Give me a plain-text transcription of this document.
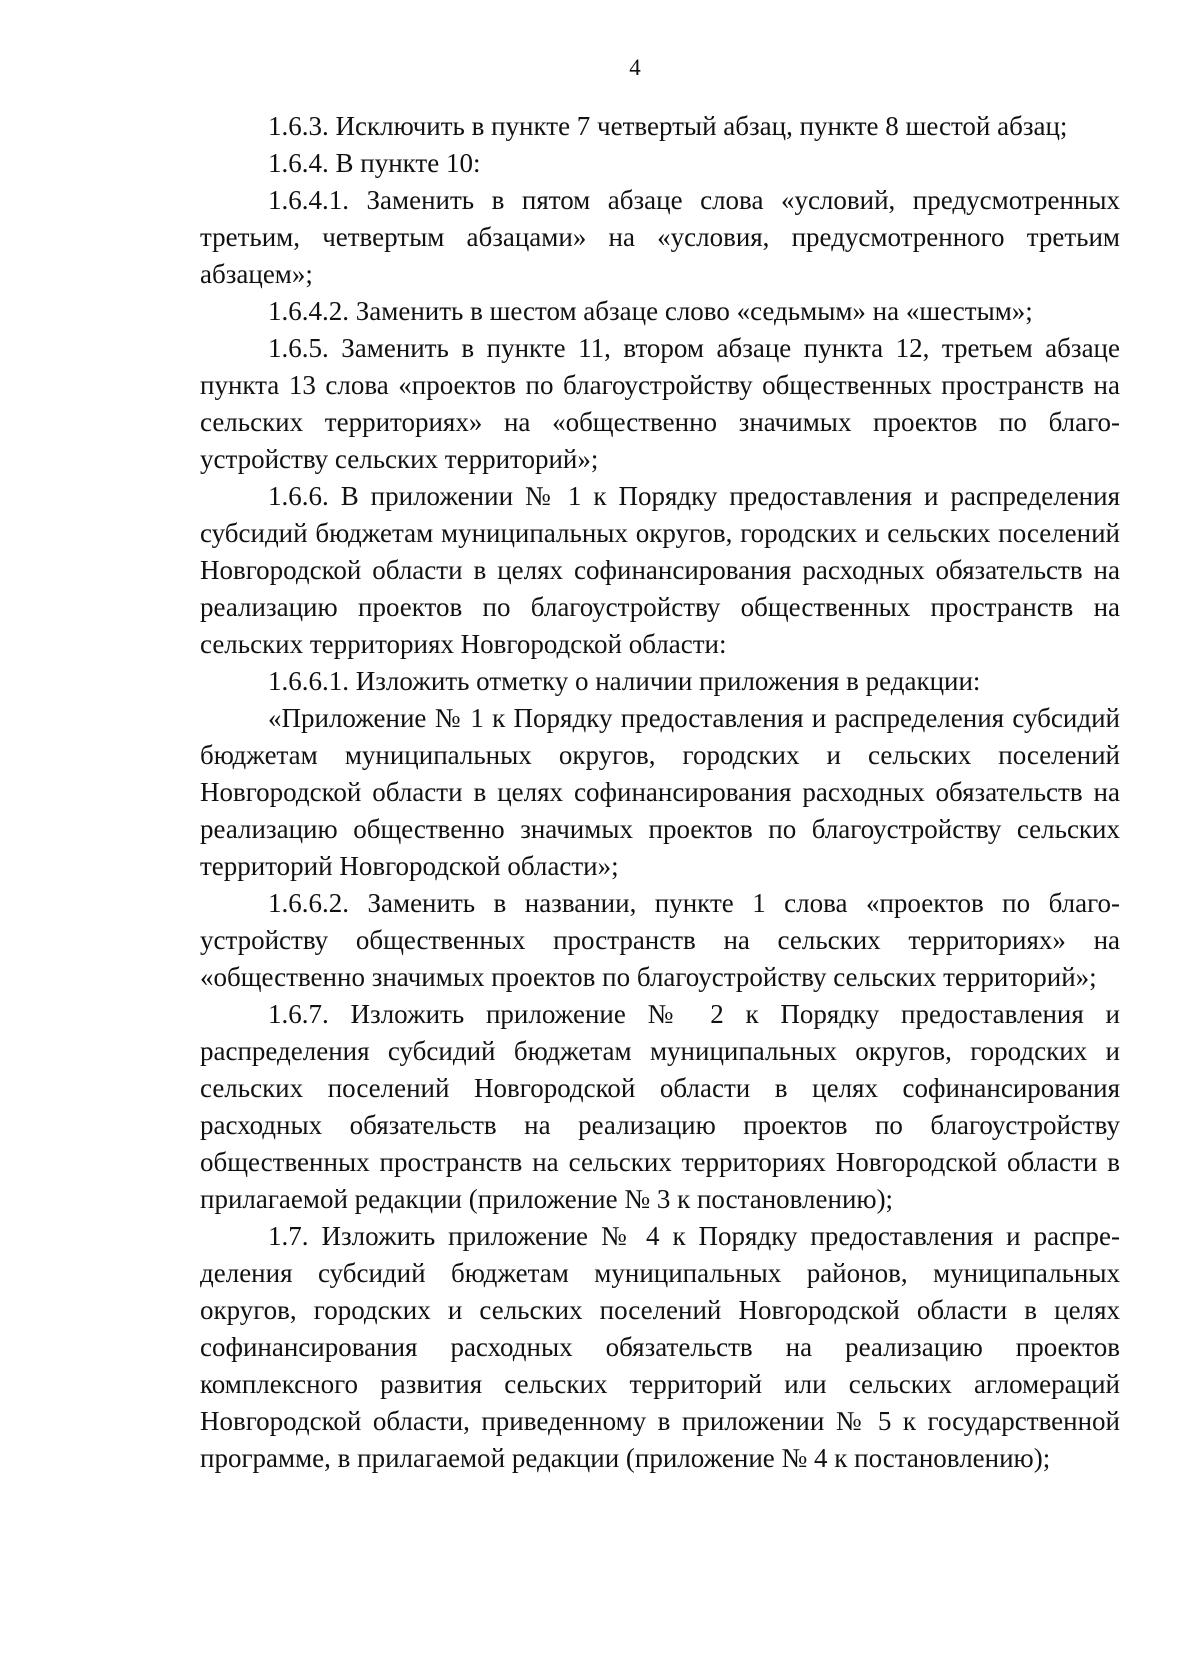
4

1.6.3. Исключить в пункте 7 четвертый абзац, пункте 8 шестой абзац;

1.6.4. В пункте 10:

1.6.4.1. Заменить в пятом абзаце слова «условий, предусмотренных третьим, четвертым абзацами» на «условия, предусмотренного третьим абзацем»;

1.6.4.2. Заменить в шестом абзаце слово «седьмым» на «шестым»;

1.6.5. Заменить в пункте 11, втором абзаце пункта 12, третьем абзаце пункта 13 слова «проектов по благоустройству общественных пространств на сельских территориях» на «общественно значимых проектов по благоустройству сельских территорий»;

1.6.6. В приложении № 1 к Порядку предоставления и распределения субсидий бюджетам муниципальных округов, городских и сельских поселений Новгородской области в целях софинансирования расходных обязательств на реализацию проектов по благоустройству общественных пространств на сельских территориях Новгородской области:

1.6.6.1. Изложить отметку о наличии приложения в редакции:

«Приложение № 1 к Порядку предоставления и распределения субсидий бюджетам муниципальных округов, городских и сельских поселений Новгородской области в целях софинансирования расходных обязательств на реализацию общественно значимых проектов по благоустройству сельских территорий Новгородской области»;

1.6.6.2. Заменить в названии, пункте 1 слова «проектов по благоустройству общественных пространств на сельских территориях» на «общественно значимых проектов по благоустройству сельских территорий»;

1.6.7. Изложить приложение № 2 к Порядку предоставления и распределения субсидий бюджетам муниципальных округов, городских и сельских поселений Новгородской области в целях софинансирования расходных обязательств на реализацию проектов по благоустройству общественных пространств на сельских территориях Новгородской области в прилагаемой редакции (приложение № 3 к постановлению);

1.7. Изложить приложение № 4 к Порядку предоставления и распределения субсидий бюджетам муниципальных районов, муниципальных округов, городских и сельских поселений Новгородской области в целях софинансирования расходных обязательств на реализацию проектов комплексного развития сельских территорий или сельских агломераций Новгородской области, приведенному в приложении № 5 к государственной программе, в прилагаемой редакции (приложение № 4 к постановлению);
